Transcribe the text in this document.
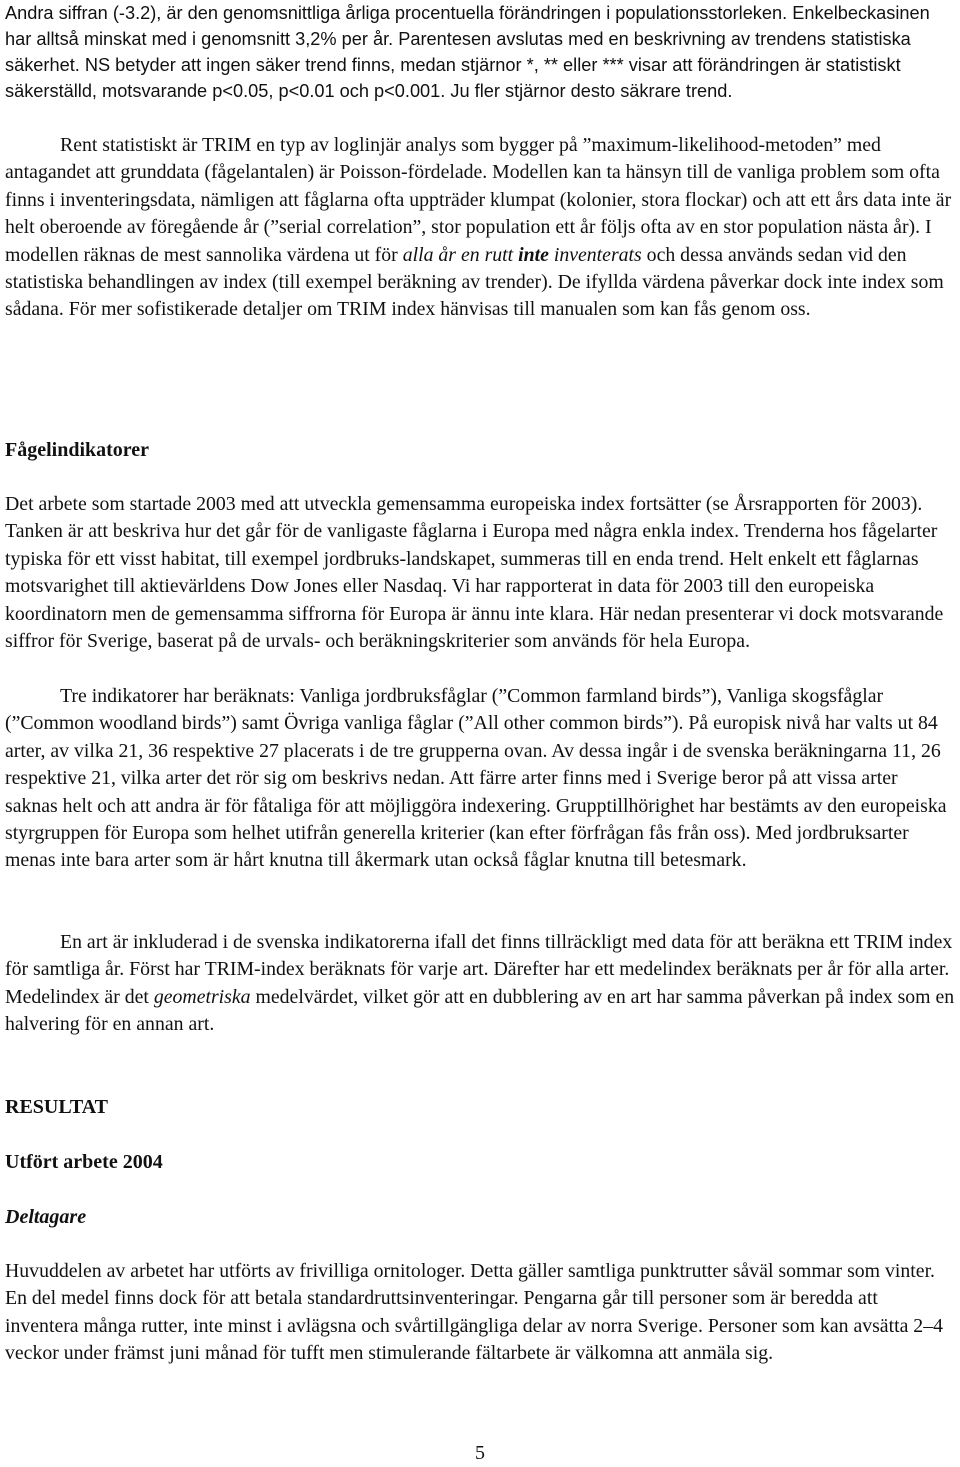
Andra siffran (-3.2), är den genomsnittliga årliga procentuella förändringen i populationsstorleken. Enkelbeckasinen har alltså minskat med i genomsnitt 3,2% per år. Parentesen avslutas med en beskrivning av trendens statistiska säkerhet. NS betyder att ingen säker trend finns, medan stjärnor *, ** eller *** visar att förändringen är statistiskt säkerställd, motsvarande p<0.05, p<0.01 och p<0.001. Ju fler stjärnor desto säkrare trend.

Rent statistiskt är TRIM en typ av loglinjär analys som bygger på ”maximum-likelihood-metoden” med antagandet att grunddata (fågelantalen) är Poisson-fördelade. Modellen kan ta hänsyn till de vanliga problem som ofta finns i inventeringsdata, nämligen att fåglarna ofta uppträder klumpat (kolonier, stora flockar) och att ett års data inte är helt oberoende av föregående år (”serial correlation”, stor population ett år följs ofta av en stor population nästa år). I modellen räknas de mest sannolika värdena ut för alla år en rutt inte inventerats och dessa används sedan vid den statistiska behandlingen av index (till exempel beräkning av trender). De ifyllda värdena påverkar dock inte index som sådana. För mer sofistikerade detaljer om TRIM index hänvisas till manualen som kan fås genom oss.

Fågelindikatorer

Det arbete som startade 2003 med att utveckla gemensamma europeiska index fortsätter (se Årsrapporten för 2003). Tanken är att beskriva hur det går för de vanligaste fåglarna i Europa med några enkla index. Trenderna hos fågelarter typiska för ett visst habitat, till exempel jordbruks-landskapet, summeras till en enda trend. Helt enkelt ett fåglarnas motsvarighet till aktievärldens Dow Jones eller Nasdaq. Vi har rapporterat in data för 2003 till den europeiska koordinatorn men de gemensamma siffrorna för Europa är ännu inte klara. Här nedan presenterar vi dock motsvarande siffror för Sverige, baserat på de urvals- och beräkningskriterier som används för hela Europa.

Tre indikatorer har beräknats: Vanliga jordbruksfåglar (”Common farmland birds”), Vanliga skogsfåglar (”Common woodland birds”) samt Övriga vanliga fåglar (”All other common birds”). På europisk nivå har valts ut 84 arter, av vilka 21, 36 respektive 27 placerats i de tre grupperna ovan. Av dessa ingår i de svenska beräkningarna 11, 26 respektive 21, vilka arter det rör sig om beskrivs nedan. Att färre arter finns med i Sverige beror på att vissa arter saknas helt och att andra är för fåtaliga för att möjliggöra indexering. Grupptillhörighet har bestämts av den europeiska styrgruppen för Europa som helhet utifrån generella kriterier (kan efter förfrågan fås från oss). Med jordbruksarter menas inte bara arter som är hårt knutna till åkermark utan också fåglar knutna till betesmark.

En art är inkluderad i de svenska indikatorerna ifall det finns tillräckligt med data för att beräkna ett TRIM index för samtliga år. Först har TRIM-index beräknats för varje art. Därefter har ett medelindex beräknats per år för alla arter. Medelindex är det geometriska medelvärdet, vilket gör att en dubblering av en art har samma påverkan på index som en halvering för en annan art.

RESULTAT
Utfört arbete 2004
Deltagare

Huvuddelen av arbetet har utförts av frivilliga ornitologer. Detta gäller samtliga punktrutter såväl sommar som vinter. En del medel finns dock för att betala standardruttsinventeringar. Pengarna går till personer som är beredda att inventera många rutter, inte minst i avlägsna och svårtillgängliga delar av norra Sverige. Personer som kan avsätta 2–4 veckor under främst juni månad för tufft men stimulerande fältarbete är välkomna att anmäla sig.

5
